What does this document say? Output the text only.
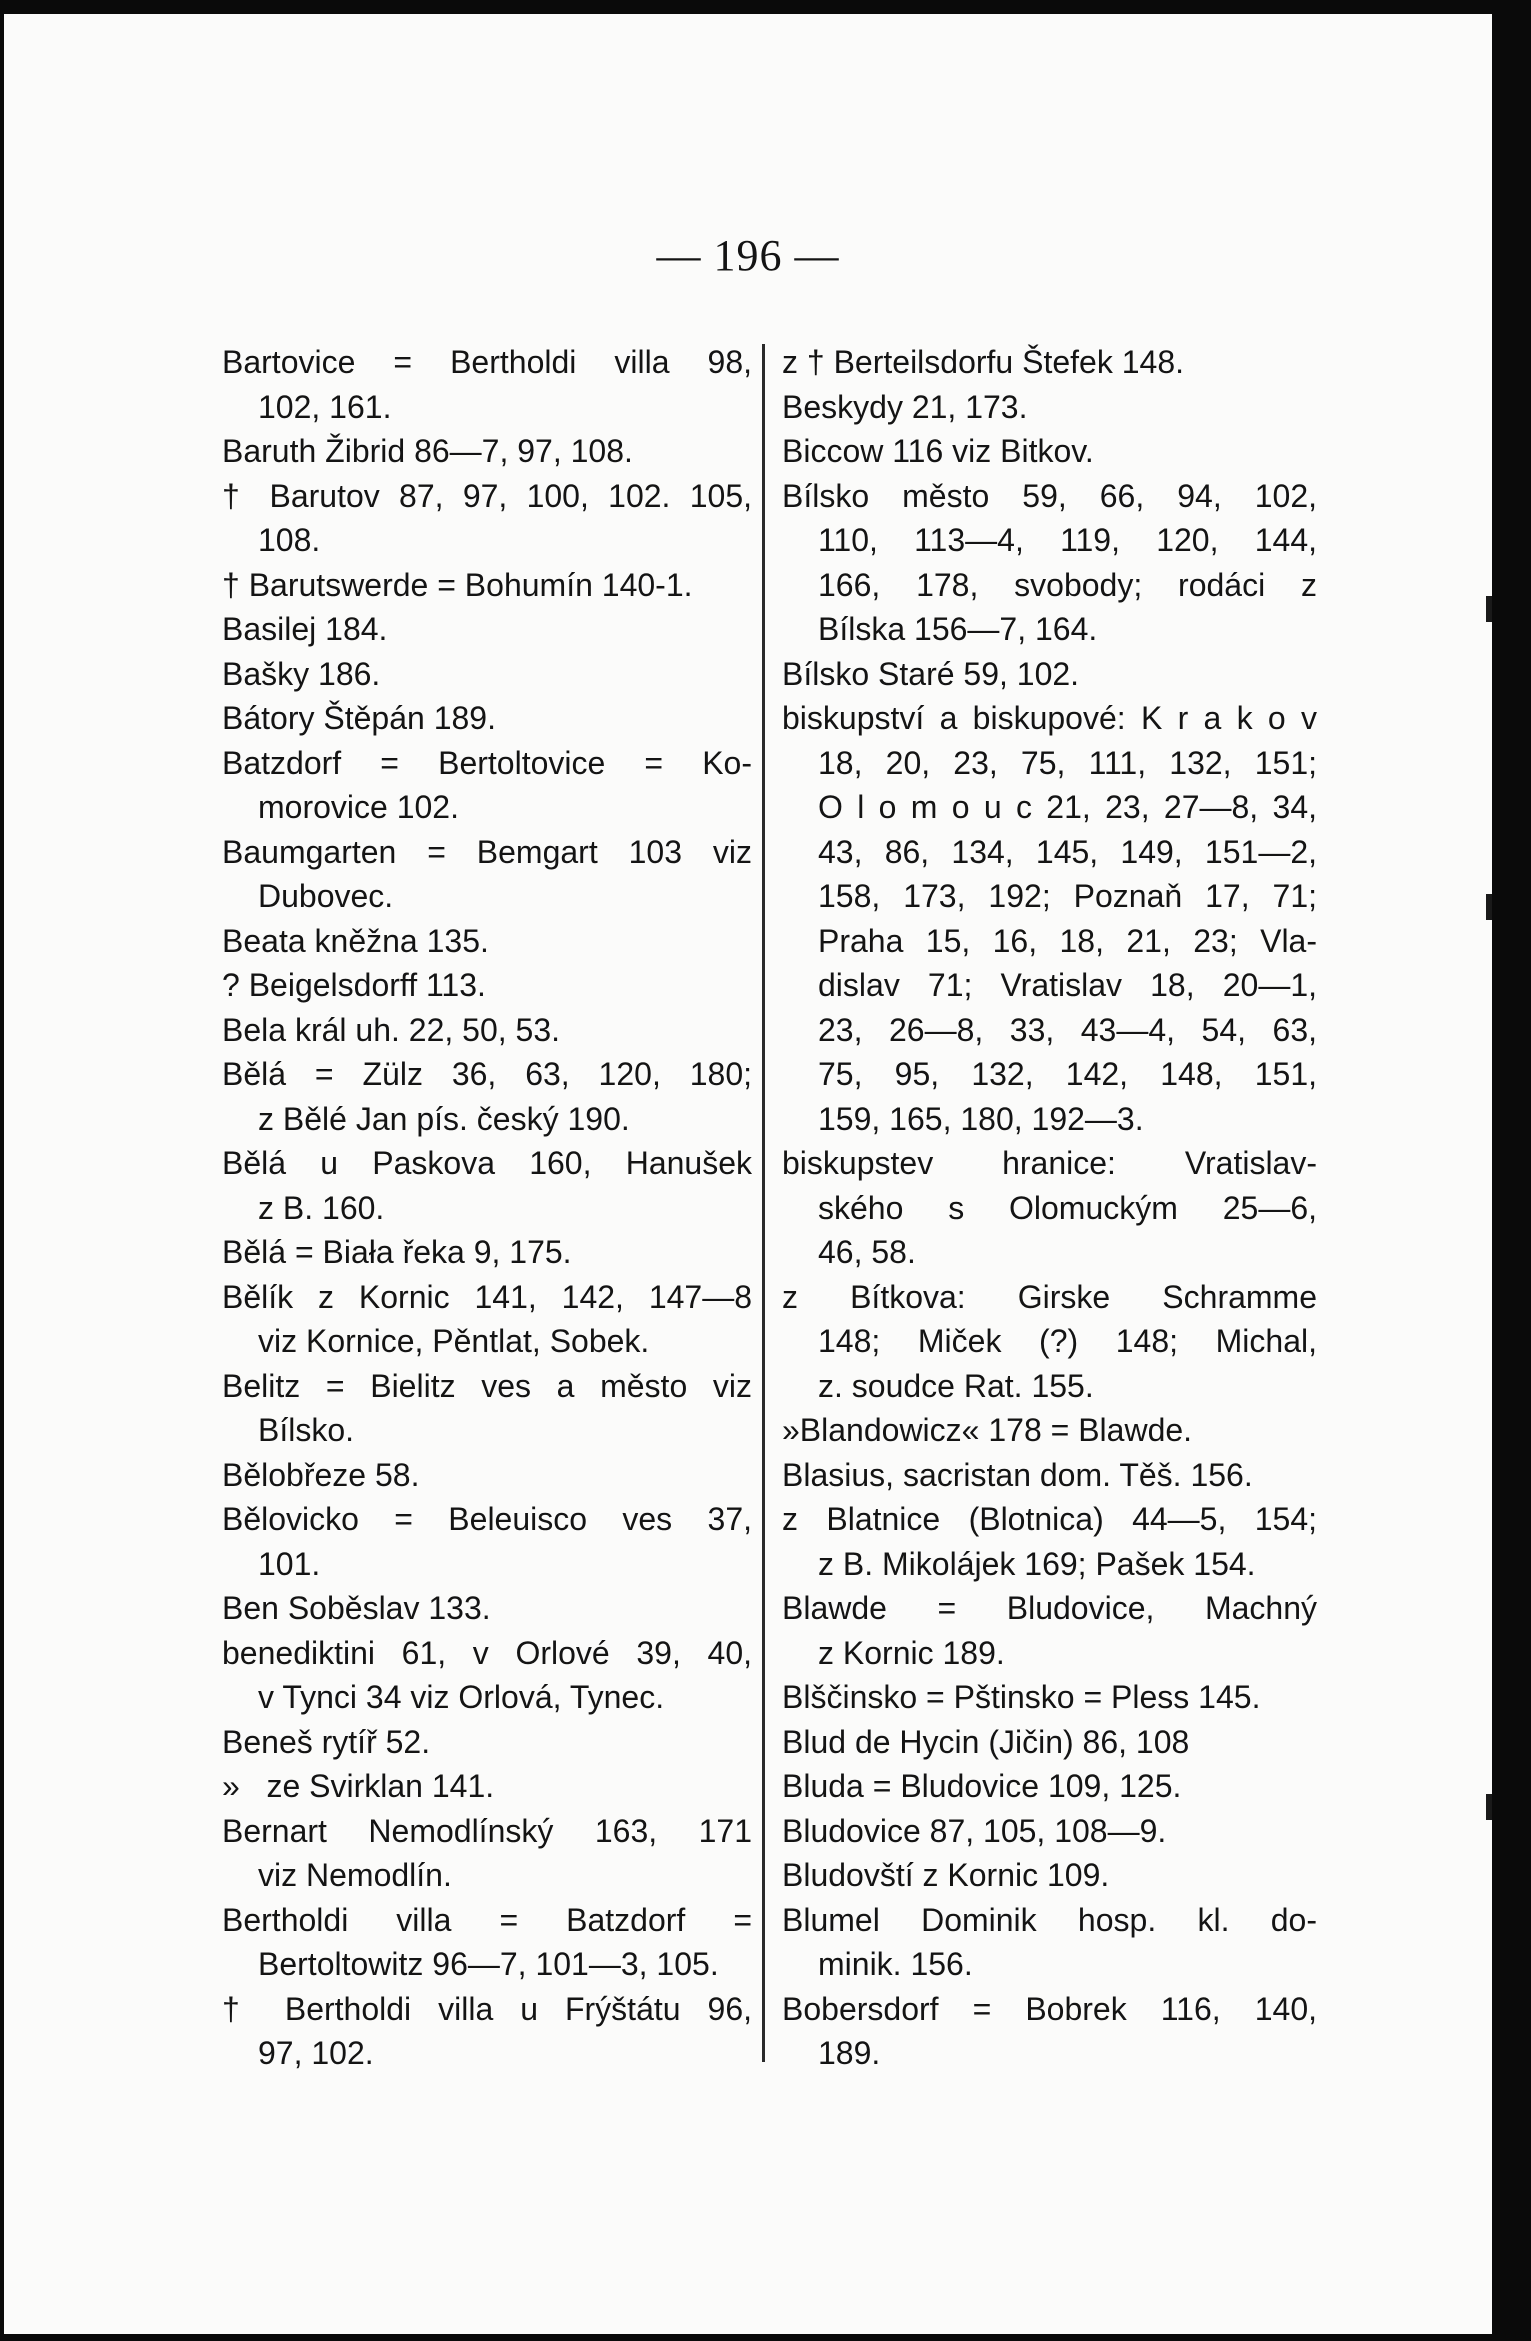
— 196 —
Bartovice = Bertholdi villa 98,
102, 161.
Baruth Žibrid 86—7, 97, 108.
† Barutov 87, 97, 100, 102. 105,
108.
† Barutswerde = Bohumín 140-1.
Basilej 184.
Bašky 186.
Bátory Štěpán 189.
Batzdorf = Bertoltovice = Ko-
morovice 102.
Baumgarten = Bemgart 103 viz
Dubovec.
Beata kněžna 135.
? Beigelsdorff 113.
Bela král uh. 22, 50, 53.
Bělá = Zülz 36, 63, 120, 180;
z Bělé Jan pís. český 190.
Bělá u Paskova 160, Hanušek
z B. 160.
Bělá = Biała řeka 9, 175.
Bělík z Kornic 141, 142, 147—8
viz Kornice, Pěntlat, Sobek.
Belitz = Bielitz ves a město viz
Bílsko.
Bělobřeze 58.
Bělovicko = Beleuisco ves 37,
101.
Ben Soběslav 133.
benediktini 61, v Orlové 39, 40,
v Tynci 34 viz Orlová, Tynec.
Beneš rytíř 52.
»   ze Svirklan 141.
Bernart Nemodlínský 163, 171
viz Nemodlín.
Bertholdi villa = Batzdorf =
Bertoltowitz 96—7, 101—3, 105.
† Bertholdi villa u Frýštátu 96,
97, 102.
z † Berteilsdorfu Štefek 148.
Beskydy 21, 173.
Biccow 116 viz Bitkov.
Bílsko město 59, 66, 94, 102,
110, 113—4, 119, 120, 144,
166, 178, svobody; rodáci z
Bílska 156—7, 164.
Bílsko Staré 59, 102.
biskupství a biskupové: K r a k o v
18, 20, 23, 75, 111, 132, 151;
O l o m o u c 21, 23, 27—8, 34,
43, 86, 134, 145, 149, 151—2,
158, 173, 192; Poznaň 17, 71;
Praha 15, 16, 18, 21, 23; Vla-
dislav 71; Vratislav 18, 20—1,
23, 26—8, 33, 43—4, 54, 63,
75, 95, 132, 142, 148, 151,
159, 165, 180, 192—3.
biskupstev hranice: Vratislav-
ského s Olomuckým 25—6,
46, 58.
z Bítkova: Girske Schramme
148; Miček (?) 148; Michal,
z. soudce Rat. 155.
»Blandowicz« 178 = Blawde.
Blasius, sacristan dom. Těš. 156.
z Blatnice (Blotnica) 44—5, 154;
z B. Mikolájek 169; Pašek 154.
Blawde = Bludovice, Machný
z Kornic 189.
Blščinsko = Pštinsko = Pless 145.
Blud de Hycin (Jičin) 86, 108
Bluda = Bludovice 109, 125.
Bludovice 87, 105, 108—9.
Bludovští z Kornic 109.
Blumel Dominik hosp. kl. do-
minik. 156.
Bobersdorf = Bobrek 116, 140,
189.
